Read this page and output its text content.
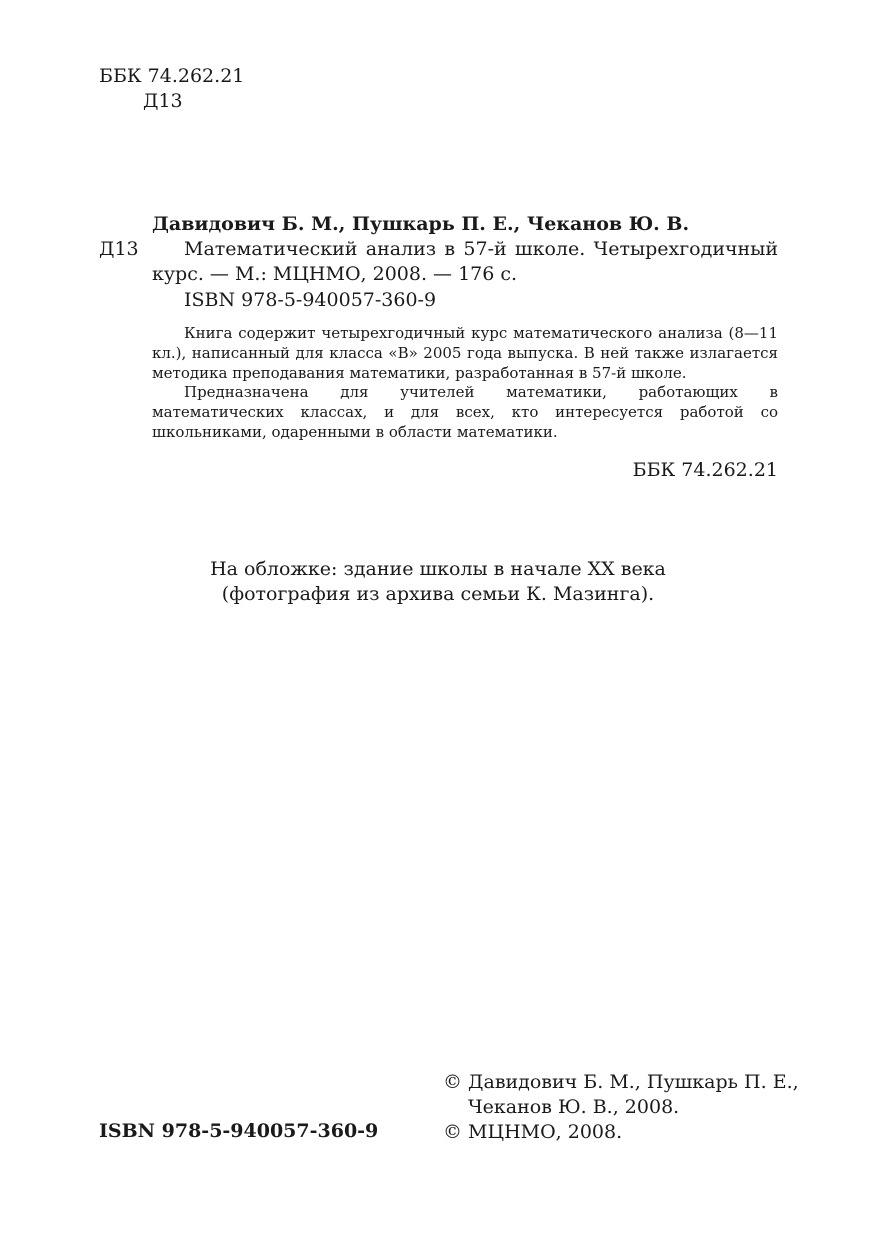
ББК 74.262.21
Д13
Давидович Б. М., Пушкарь П. Е., Чеканов Ю. В.
Д13	Математический анализ в 57-й школе. Четырехгодичный
курс. — М.: МЦНМО, 2008. — 176 с.
ISBN 978-5-940057-360-9

Книга содержит четырехгодичный курс математического анализа (8—11 кл.), написанный для класса «В» 2005 года выпуска. В ней также излагается методика преподавания математики, разработанная в 57-й школе.

Предназначена для учителей математики, работающих в математических классах, и для всех, кто интересуется работой со школьниками, одаренными в области математики.

ББК 74.262.21
На обложке: здание школы в начале XX века
(фотография из архива семьи К. Мазинга).
ISBN 978-5-940057-360-9
© Давидович Б. М., Пушкарь П. Е.,
Чеканов Ю. В., 2008.
© МЦНМО, 2008.
